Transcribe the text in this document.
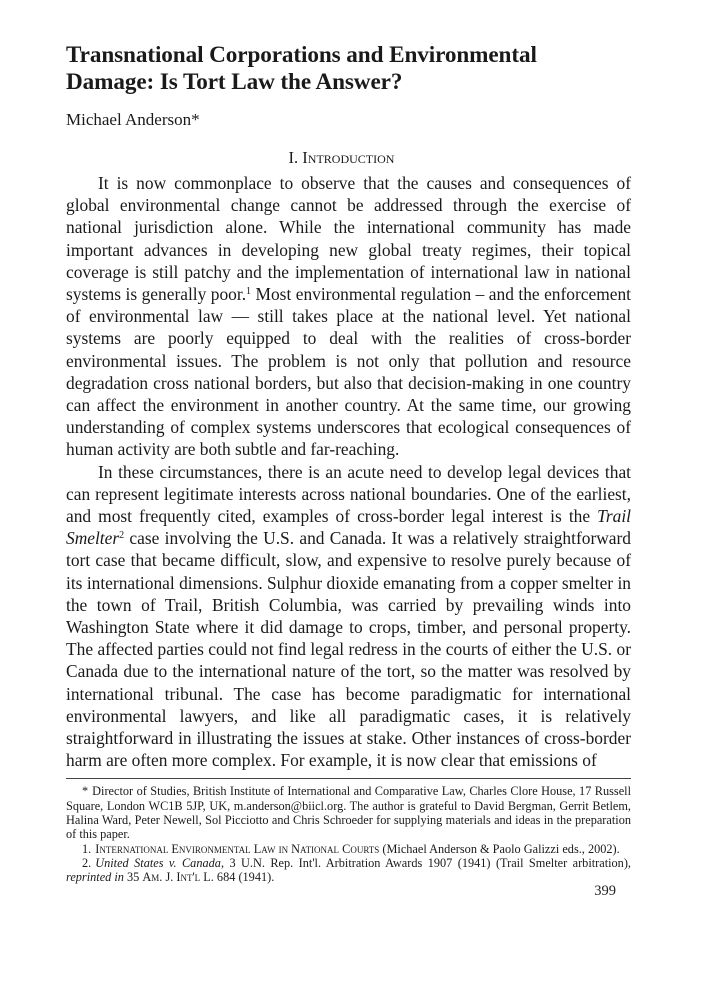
Transnational Corporations and Environmental
Damage: Is Tort Law the Answer?
Michael Anderson*
I. Introduction

It is now commonplace to observe that the causes and consequences of global environmental change cannot be addressed through the exercise of national jurisdiction alone. While the international community has made important advances in developing new global treaty regimes, their topical coverage is still patchy and the implementation of international law in national systems is generally poor.$^1$ Most environmental regulation – and the enforcement of environmental law — still takes place at the national level. Yet national systems are poorly equipped to deal with the realities of cross-border environmental issues. The problem is not only that pollution and resource degradation cross national borders, but also that decision-making in one country can affect the environment in another country. At the same time, our growing understanding of complex systems underscores that ecological consequences of human activity are both subtle and far-reaching.

In these circumstances, there is an acute need to develop legal devices that can represent legitimate interests across national boundaries. One of the earliest, and most frequently cited, examples of cross-border legal interest is the Trail Smelter$^2$ case involving the U.S. and Canada. It was a relatively straightforward tort case that became difficult, slow, and expensive to resolve purely because of its international dimensions. Sulphur dioxide emanating from a copper smelter in the town of Trail, British Columbia, was carried by prevailing winds into Washington State where it did damage to crops, timber, and personal property. The affected parties could not find legal redress in the courts of either the U.S. or Canada due to the international nature of the tort, so the matter was resolved by international tribunal. The case has become paradigmatic for international environmental lawyers, and like all paradigmatic cases, it is relatively straightforward in illustrating the issues at stake. Other instances of cross-border harm are often more complex. For example, it is now clear that emissions of

* Director of Studies, British Institute of International and Comparative Law, Charles Clore House, 17 Russell Square, London WC1B 5JP, UK, m.anderson@biicl.org. The author is grateful to David Bergman, Gerrit Betlem, Halina Ward, Peter Newell, Sol Picciotto and Chris Schroeder for supplying materials and ideas in the preparation of this paper.

1. International Environmental Law in National Courts (Michael Anderson & Paolo Galizzi eds., 2002).

2. United States v. Canada, 3 U.N. Rep. Int'l. Arbitration Awards 1907 (1941) (Trail Smelter arbitration), reprinted in 35 Am. J. Int'l L. 684 (1941).

399
